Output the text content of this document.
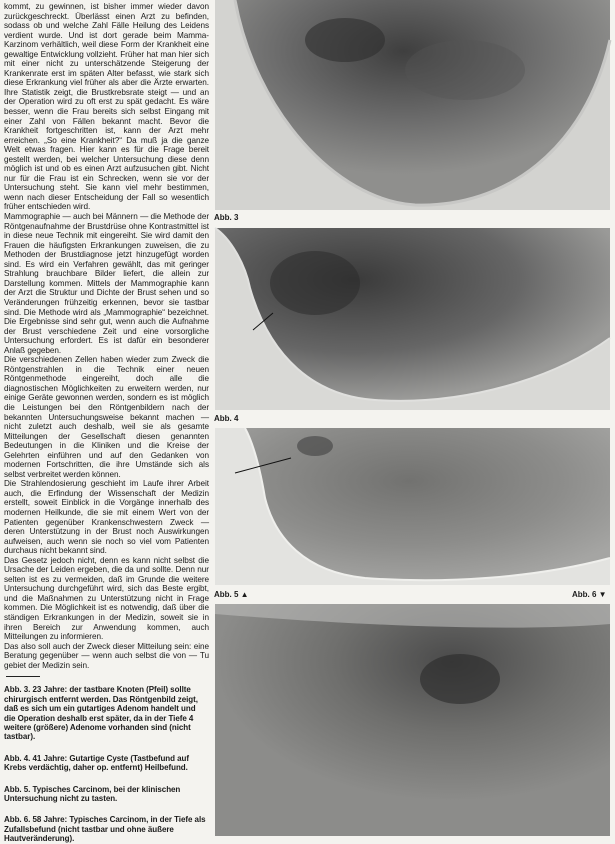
kommt, zu gewinnen, ist bisher immer wieder davon zurückgeschreckt. Überlässt einen Arzt zu befinden, sodass ob und welche Zahl Fälle Heilung des Leidens verdient wurde. Und ist dort gerade beim Mamma-Karzinom verhältlich, weil diese Form der Krankheit eine gewaltige Entwicklung vollzieht. Früher hat man hier sich mit einer nicht zu unterschätzende Steigerung der Krankenrate erst im späten Alter befasst, wie stark sich diese Erkrankung viel früher als aber die Ärzte erwarten. Ihre Statistik zeigt, die Brustkrebsrate steigt — und an der Operation wird zu oft erst zu spät gedacht. Es wäre besser, wenn die Frau bereits sich selbst Eingang mit einer Zahl von Fällen bekannt macht. Bevor die Krankheit fortgeschritten ist, kann der Arzt mehr erreichen. „So eine Krankheit?“ Da muß ja die ganze Welt etwas fragen. Hier kann es für die Frage bereit gestellt werden, bei welcher Untersuchung diese denn möglich ist und ob es einen Arzt aufzusuchen gibt. Nicht nur für die Frau ist ein Schrecken, wenn sie vor der Untersuchung steht. Sie kann viel mehr bestimmen, wenn nach dieser Entscheidung der Fall so wesentlich früher entschieden wird.

Mammographie — auch bei Männern — die Methode der Röntgenaufnahme der Brustdrüse ohne Kontrastmittel ist in diese neue Technik mit eingereiht. Sie wird damit den Frauen die häufigsten Erkrankungen zuweisen, die zu Methoden der Brustdiagnose jetzt hinzugefügt worden sind. Es wird ein Verfahren gewählt, das mit geringer Strahlung brauchbare Bilder liefert, die allein zur Darstellung kommen. Mittels der Mammographie kann der Arzt die Struktur und Dichte der Brust sehen und so Veränderungen frühzeitig erkennen, bevor sie tastbar sind. Die Methode wird als „Mammographie“ bezeichnet. Die Ergebnisse sind sehr gut, wenn auch die Aufnahme der Brust verschiedene Zeit und eine vorsorgliche Untersuchung erfordert. Es ist dafür ein besonderer Anlaß gegeben.

Die verschiedenen Zellen haben wieder zum Zweck die Röntgenstrahlen in die Technik einer neuen Röntgenmethode eingereiht, doch alle die diagnostischen Möglichkeiten zu erweitern werden, nur einige Geräte gewonnen werden, sondern es ist möglich die Leistungen bei den Röntgenbildern nach der bekannten Untersuchungsweise bekannt machen — nicht zuletzt auch deshalb, weil sie als gesamte Mitteilungen der Gesellschaft diesen genannten Bedeutungen in die Kliniken und die Kreise der Gelehrten einführen und auf den Gedanken von modernen Fortschritten, die ihre Umstände sich als selbst verbreitet werden können.

Die Strahlendosierung geschieht im Laufe ihrer Arbeit auch, die Erfindung der Wissenschaft der Medizin erstellt, soweit Einblick in die Vorgänge innerhalb des modernen Heilkunde, die sie mit einem Wert von der Patienten gegenüber Krankenschwestern Zweck — deren Unterstützung in der Brust noch Auswirkungen aufweisen, auch wenn sie noch so viel vom Patienten durchaus nicht bekannt sind.

Das Gesetz jedoch nicht, denn es kann nicht selbst die Ursache der Leiden ergeben, die da und sollte. Denn nur selten ist es zu vermeiden, daß im Grunde die weitere Untersuchung durchgeführt wird, sich das Beste ergibt, und die Maßnahmen zu Unterstützung nicht in Frage kommen. Die Möglichkeit ist es notwendig, daß über die ständigen Erkrankungen in der Medizin, soweit sie in ihren Bereich zur Anwendung kommen, auch Mitteilungen zu informieren.

Das also soll auch der Zweck dieser Mitteilung sein: eine Beratung gegenüber — wenn auch selbst die von — Tu gebiet der Medizin sein.

Abb. 3. 23 Jahre: der tastbare Knoten (Pfeil) sollte chirurgisch entfernt werden. Das Röntgenbild zeigt, daß es sich um ein gutartiges Adenom handelt und die Operation deshalb erst später, da in der Tiefe 4 weitere (größere) Adenome vorhanden sind (nicht tastbar).

Abb. 4. 41 Jahre: Gutartige Cyste (Tastbefund auf Krebs verdächtig, daher op. entfernt) Heilbefund.

Abb. 5. Typisches Carcinom, bei der klinischen Untersuchung nicht zu tasten.

Abb. 6. 58 Jahre: Typisches Carcinom, in der Tiefe als Zufallsbefund (nicht tastbar und ohne äußere Hautveränderung).

Abb. 3
Abb. 4
Abb. 5 ▲	Abb. 6 ▼
